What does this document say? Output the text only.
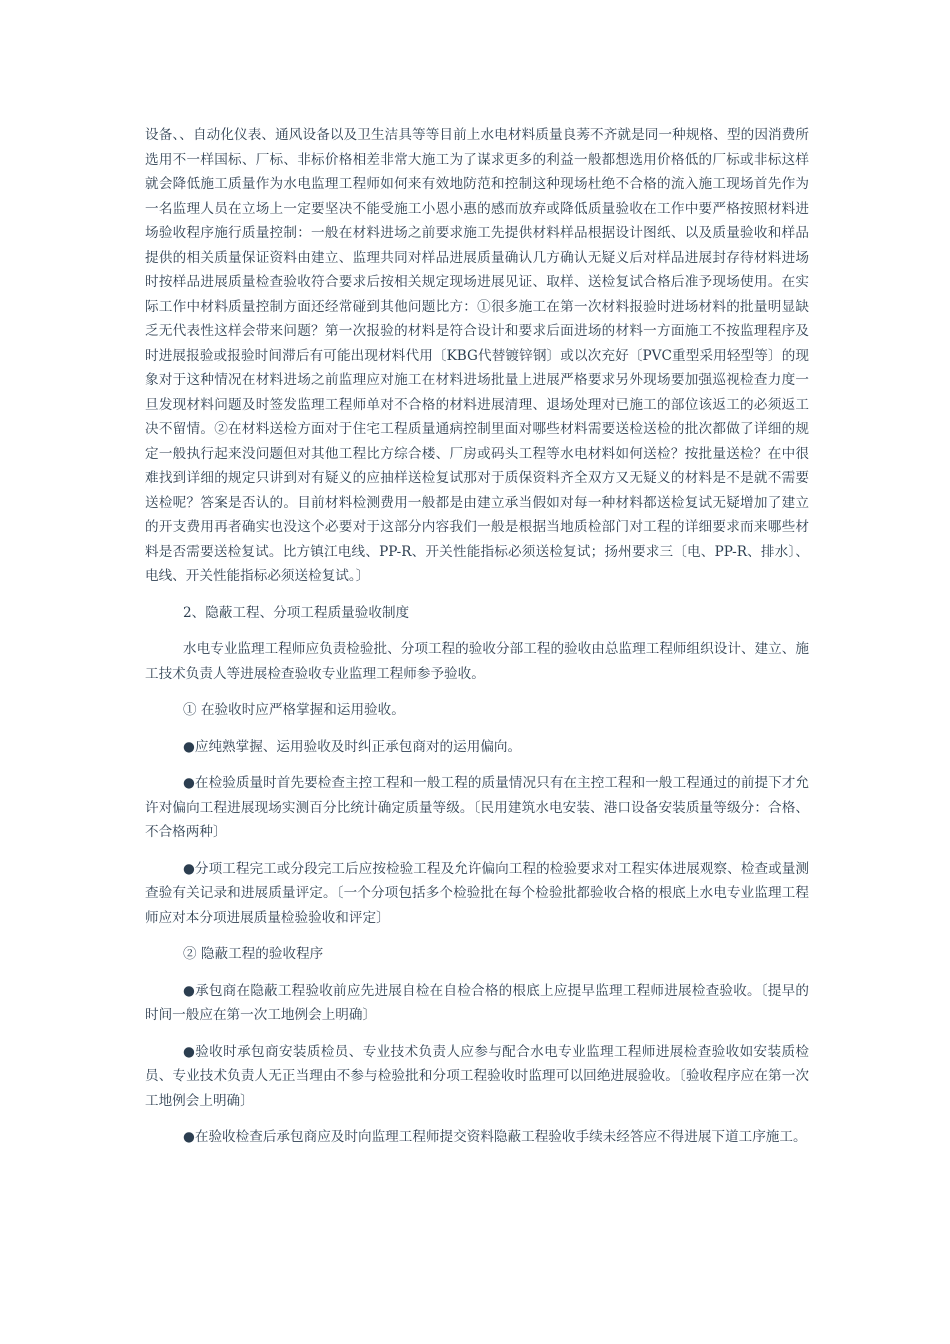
设备、、自动化仪表、通风设备以及卫生洁具等等目前上水电材料质量良莠不齐就是同一种规格、型的因消费所选用不一样国标、厂标、非标价格相差非常大施工为了谋求更多的利益一般都想选用价格低的厂标或非标这样就会降低施工质量作为水电监理工程师如何来有效地防范和控制这种现场杜绝不合格的流入施工现场首先作为一名监理人员在立场上一定要坚决不能受施工小恩小惠的感而放弃或降低质量验收在工作中要严格按照材料进场验收程序施行质量控制：一般在材料进场之前要求施工先提供材料样品根据设计图纸、以及质量验收和样品提供的相关质量保证资料由建立、监理共同对样品进展质量确认几方确认无疑义后对样品进展封存待材料进场时按样品进展质量检查验收符合要求后按相关规定现场进展见证、取样、送检复试合格后准予现场使用。在实际工作中材料质量控制方面还经常碰到其他问题比方：①很多施工在第一次材料报验时进场材料的批量明显缺乏无代表性这样会带来问题？第一次报验的材料是符合设计和要求后面进场的材料一方面施工不按监理程序及时进展报验或报验时间滞后有可能出现材料代用〔KBG代替镀锌钢〕或以次充好〔PVC重型采用轻型等〕的现象对于这种情况在材料进场之前监理应对施工在材料进场批量上进展严格要求另外现场要加强巡视检查力度一旦发现材料问题及时签发监理工程师单对不合格的材料进展清理、退场处理对已施工的部位该返工的必须返工决不留情。②在材料送检方面对于住宅工程质量通病控制里面对哪些材料需要送检送检的批次都做了详细的规定一般执行起来没问题但对其他工程比方综合楼、厂房或码头工程等水电材料如何送检？按批量送检？在中很难找到详细的规定只讲到对有疑义的应抽样送检复试那对于质保资料齐全双方又无疑义的材料是不是就不需要送检呢？答案是否认的。目前材料检测费用一般都是由建立承当假如对每一种材料都送检复试无疑增加了建立的开支费用再者确实也没这个必要对于这部分内容我们一般是根据当地质检部门对工程的详细要求而来哪些材料是否需要送检复试。比方镇江电线、PP-R、开关性能指标必须送检复试；扬州要求三〔电、PP-R、排水〕、电线、开关性能指标必须送检复试。〕

2、隐蔽工程、分项工程质量验收制度

水电专业监理工程师应负责检验批、分项工程的验收分部工程的验收由总监理工程师组织设计、建立、施工技术负责人等进展检查验收专业监理工程师参予验收。

① 在验收时应严格掌握和运用验收。

●应纯熟掌握、运用验收及时纠正承包商对的运用偏向。

●在检验质量时首先要检查主控工程和一般工程的质量情况只有在主控工程和一般工程通过的前提下才允许对偏向工程进展现场实测百分比统计确定质量等级。〔民用建筑水电安装、港口设备安装质量等级分：合格、不合格两种〕

●分项工程完工或分段完工后应按检验工程及允许偏向工程的检验要求对工程实体进展观察、检查或量测查验有关记录和进展质量评定。〔一个分项包括多个检验批在每个检验批都验收合格的根底上水电专业监理工程师应对本分项进展质量检验验收和评定〕

② 隐蔽工程的验收程序

●承包商在隐蔽工程验收前应先进展自检在自检合格的根底上应提早监理工程师进展检查验收。〔提早的时间一般应在第一次工地例会上明确〕

●验收时承包商安装质检员、专业技术负责人应参与配合水电专业监理工程师进展检查验收如安装质检员、专业技术负责人无正当理由不参与检验批和分项工程验收时监理可以回绝进展验收。〔验收程序应在第一次工地例会上明确〕

●在验收检查后承包商应及时向监理工程师提交资料隐蔽工程验收手续未经答应不得进展下道工序施工。
